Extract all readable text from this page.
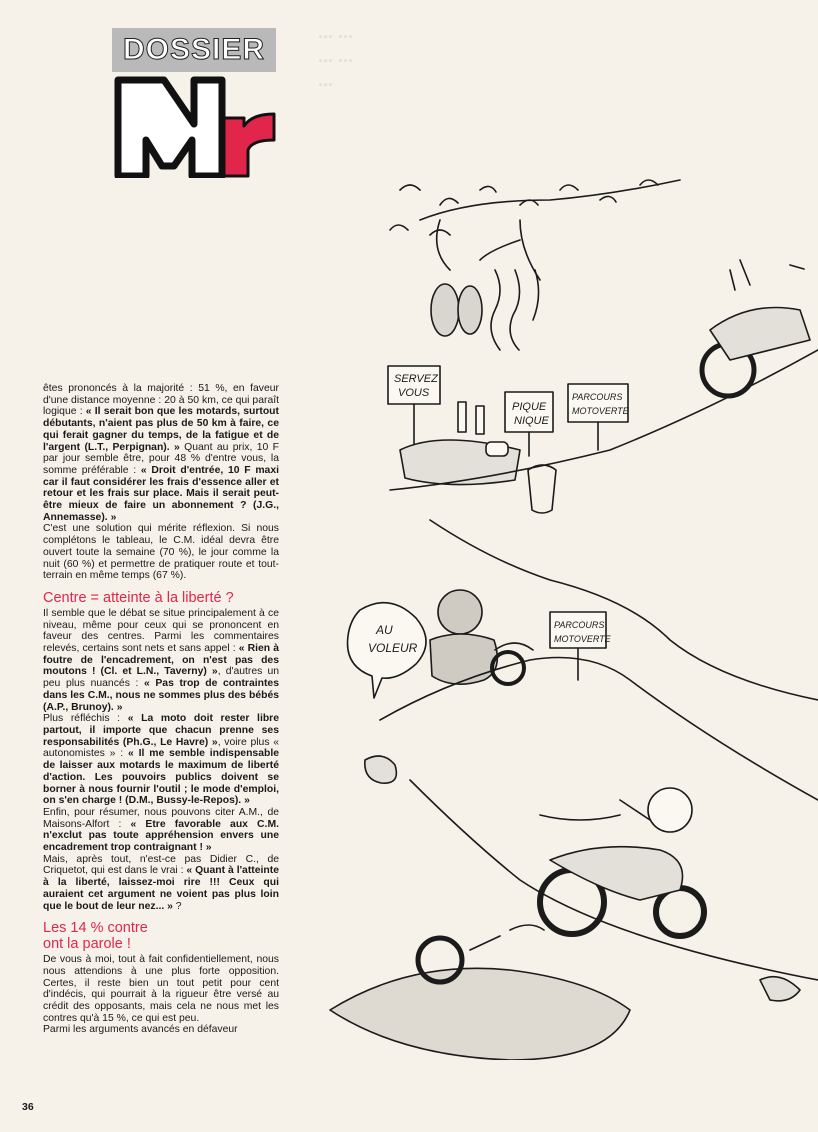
... ...
... ...
...
DOSSIER

êtes prononcés à la majorité : 51 %, en faveur d'une distance moyenne : 20 à 50 km, ce qui paraît logique : « Il serait bon que les motards, surtout débutants, n'aient pas plus de 50 km à faire, ce qui ferait gagner du temps, de la fatigue et de l'argent (L.T., Perpignan). » Quant au prix, 10 F par jour semble être, pour 48 % d'entre vous, la somme préférable : « Droit d'entrée, 10 F maxi car il faut considérer les frais d'essence aller et retour et les frais sur place. Mais il serait peut-être mieux de faire un abonnement ? (J.G., Annemasse). »

C'est une solution qui mérite réflexion. Si nous complétons le tableau, le C.M. idéal devra être ouvert toute la semaine (70 %), le jour comme la nuit (60 %) et permettre de pratiquer route et tout-terrain en même temps (67 %).

Centre = atteinte à la liberté ?

Il semble que le débat se situe principalement à ce niveau, même pour ceux qui se prononcent en faveur des centres. Parmi les commentaires relevés, certains sont nets et sans appel : « Rien à foutre de l'encadrement, on n'est pas des moutons ! (Cl. et L.N., Taverny) », d'autres un peu plus nuancés : « Pas trop de contraintes dans les C.M., nous ne sommes plus des bébés (A.P., Brunoy). »

Plus réfléchis : « La moto doit rester libre partout, il importe que chacun prenne ses responsabilités (Ph.G., Le Havre) », voire plus « autonomistes » : « Il me semble indispensable de laisser aux motards le maximum de liberté d'action. Les pouvoirs publics doivent se borner à nous fournir l'outil ; le mode d'emploi, on s'en charge ! (D.M., Bussy-le-Repos). »

Enfin, pour résumer, nous pouvons citer A.M., de Maisons-Alfort : « Etre favorable aux C.M. n'exclut pas toute appréhension envers une encadrement trop contraignant ! »

Mais, après tout, n'est-ce pas Didier C., de Criquetot, qui est dans le vrai : « Quant à l'atteinte à la liberté, laissez-moi rire !!! Ceux qui auraient cet argument ne voient pas plus loin que le bout de leur nez... » ?

Les 14 % contre
ont la parole !

De vous à moi, tout à fait confidentiellement, nous nous attendions à une plus forte opposition. Certes, il reste bien un tout petit pour cent d'indécis, qui pourrait à la rigueur être versé au crédit des opposants, mais cela ne nous met les contres qu'à 15 %, ce qui est peu.

Parmi les arguments avancés en défaveur

36
SERVEZ
VOUS
PIQUE
NIQUE
PARCOURS
MOTOVERTE
PARCOURS
MOTOVERTE
AU
VOLEUR
